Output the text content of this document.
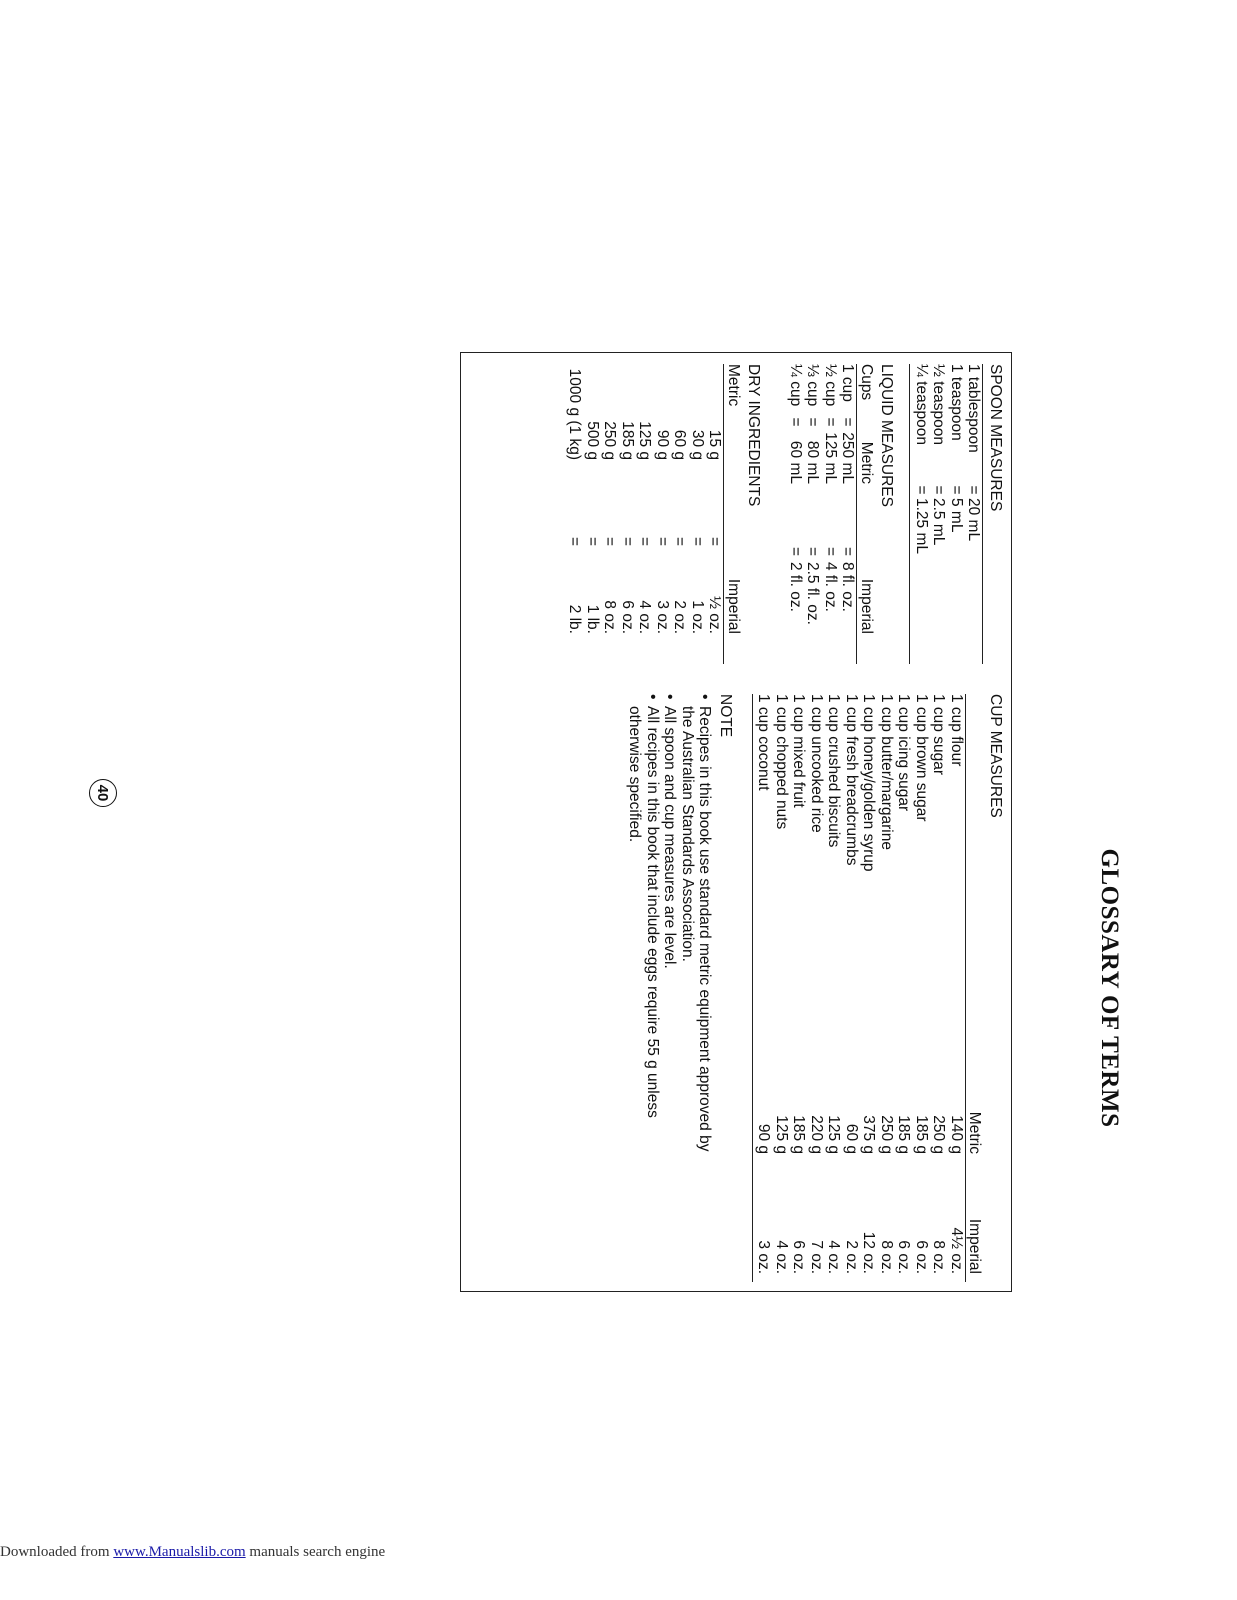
GLOSSARY OF TERMS
SPOON MEASURES
1 tablespoon
=
20 mL
1 teaspoon
=
5 mL
½ teaspoon
=
2.5 mL
¼ teaspoon
=
1.25 mL
LIQUID MEASURES
Cups
Metric
Imperial
1 cup
=
250 mL
=
8 fl. oz.
½ cup
=
125 mL
=
4 fl. oz.
⅓ cup
=
80 mL
=
2.5 fl. oz.
¼ cup
=
60 mL
=
2 fl. oz.
DRY INGREDIENTS
Metric
Imperial
15 g
=
½ oz.
30 g
=
1 oz.
60 g
=
2 oz.
90 g
=
3 oz.
125 g
=
4 oz.
185 g
=
6 oz.
250 g
=
8 oz.
500 g
=
1 lb.
1000 g (1 kg)
=
2 lb.
CUP MEASURES
Metric
Imperial
1 cup flour
140 g
4½ oz.
1 cup sugar
250 g
8 oz.
1 cup brown sugar
185 g
6 oz.
1 cup icing sugar
185 g
6 oz.
1 cup butter/margarine
250 g
8 oz.
1 cup honey/golden syrup
375 g
12 oz.
1 cup fresh breadcrumbs
60 g
2 oz.
1 cup crushed biscuits
125 g
4 oz.
1 cup uncooked rice
220 g
7 oz.
1 cup mixed fruit
185 g
6 oz.
1 cup chopped nuts
125 g
4 oz.
1 cup coconut
90 g
3 oz.
NOTE
• Recipes in this book use standard metric equipment approved by the Australian Standards Association.
• All spoon and cup measures are level.
• All recipes in this book that include eggs require 55 g unless otherwise specified.
40
Downloaded from www.Manualslib.com manuals search engine
